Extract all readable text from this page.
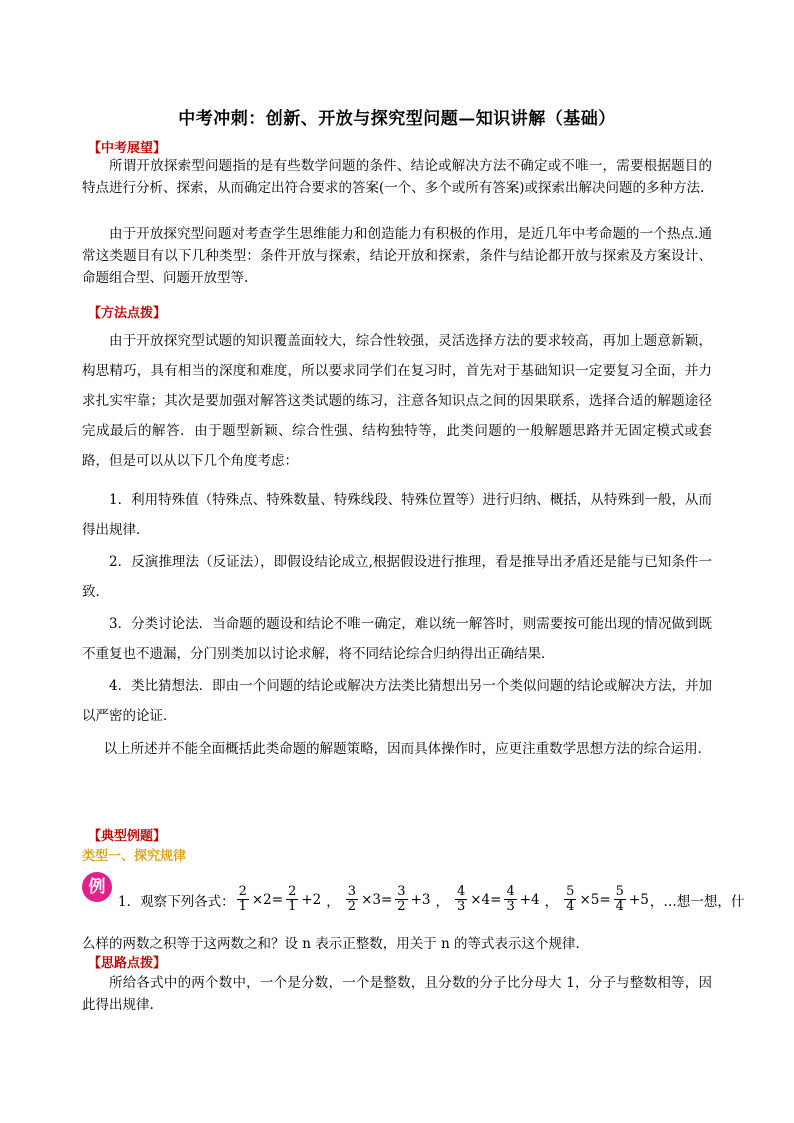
中考冲刺：创新、开放与探究型问题—知识讲解（基础）
【中考展望】
所谓开放探索型问题指的是有些数学问题的条件、结论或解决方法不确定或不唯一，需要根据题目的特点进行分析、探索，从而确定出符合要求的答案(一个、多个或所有答案)或探索出解决问题的多种方法.
由于开放探究型问题对考查学生思维能力和创造能力有积极的作用，是近几年中考命题的一个热点.通常这类题目有以下几种类型：条件开放与探索，结论开放和探索，条件与结论都开放与探索及方案设计、命题组合型、问题开放型等.
【方法点拨】
由于开放探究型试题的知识覆盖面较大，综合性较强，灵活选择方法的要求较高，再加上题意新颖，构思精巧，具有相当的深度和难度，所以要求同学们在复习时，首先对于基础知识一定要复习全面，并力求扎实牢靠；其次是要加强对解答这类试题的练习，注意各知识点之间的因果联系，选择合适的解题途径完成最后的解答．由于题型新颖、综合性强、结构独特等，此类问题的一般解题思路并无固定模式或套路，但是可以从以下几个角度考虑：
1．利用特殊值（特殊点、特殊数量、特殊线段、特殊位置等）进行归纳、概括，从特殊到一般，从而得出规律．
2．反演推理法（反证法），即假设结论成立,根据假设进行推理，看是推导出矛盾还是能与已知条件一致．
3．分类讨论法．当命题的题设和结论不唯一确定，难以统一解答时，则需要按可能出现的情况做到既不重复也不遗漏，分门别类加以讨论求解，将不同结论综合归纳得出正确结果．
4．类比猜想法．即由一个问题的结论或解决方法类比猜想出另一个类似问题的结论或解决方法，并加以严密的论证．
以上所述并不能全面概括此类命题的解题策略，因而具体操作时，应更注重数学思想方法的综合运用．
【典型例题】
类型一、探究规律
例
1．观察下列各式： $\frac{2}{1} \times 2= \frac{2}{1} +2$ ， $\frac{3}{2} \times 3= \frac{3}{2} +3$ ， $\frac{4}{3} \times 4= \frac{4}{3} +4$ ， $\frac{5}{4} \times 5= \frac{5}{4} +5$ ，…想一想，什
么样的两数之积等于这两数之和？设 n 表示正整数，用关于 n 的等式表示这个规律．
【思路点拨】
所给各式中的两个数中，一个是分数，一个是整数，且分数的分子比分母大 1，分子与整数相等，因此得出规律.
